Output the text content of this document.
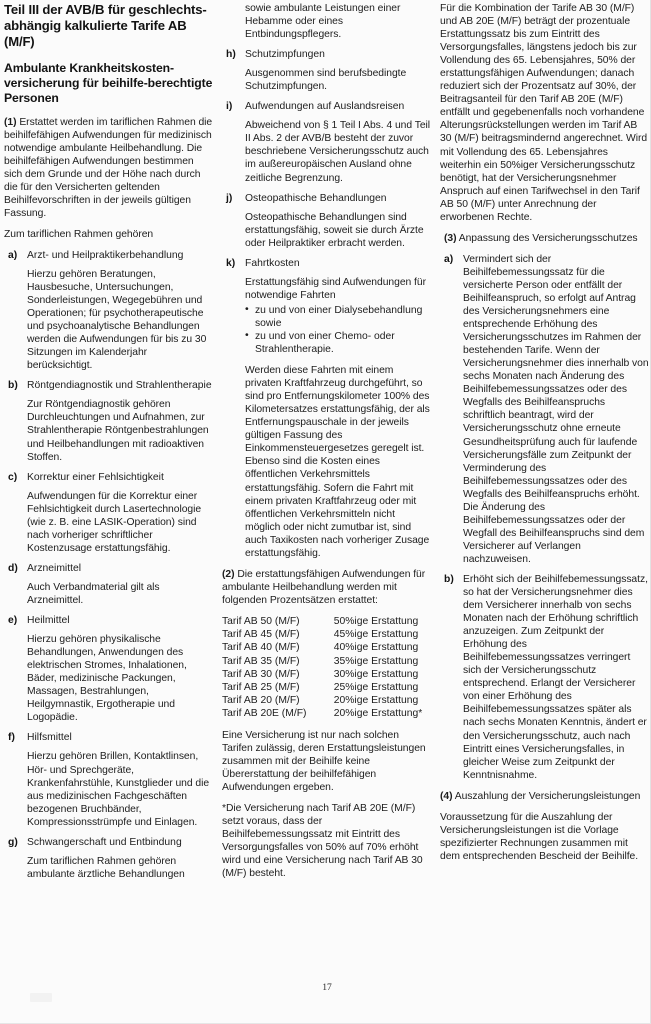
Teil III der AVB/B für geschlechts-abhängig kalkulierte Tarife AB (M/F)
Ambulante Krankheitskosten-versicherung für beihilfe-berechtigte Personen

(1) Erstattet werden im tariflichen Rahmen die beihilfefähigen Aufwendungen für medizinisch notwendige ambulante Heilbehandlung. Die beihilfefähigen Aufwendungen bestimmen sich dem Grunde und der Höhe nach durch die für den Versicherten geltenden Beihilfevorschriften in der jeweils gültigen Fassung.

Zum tariflichen Rahmen gehören

a) Arzt- und Heilpraktikerbehandlung

Hierzu gehören Beratungen, Hausbesuche, Untersuchungen, Sonderleistungen, Wegegebühren und Operationen; für psychotherapeutische und psychoanalytische Behandlungen werden die Aufwendungen für bis zu 30 Sitzungen im Kalenderjahr berücksichtigt.

b) Röntgendiagnostik und Strahlentherapie

Zur Röntgendiagnostik gehören Durchleuchtungen und Aufnahmen, zur Strahlentherapie Röntgenbestrahlungen und Heilbehandlungen mit radioaktiven Stoffen.

c) Korrektur einer Fehlsichtigkeit

Aufwendungen für die Korrektur einer Fehlsichtigkeit durch Lasertechnologie (wie z. B. eine LASIK-Operation) sind nach vorheriger schriftlicher Kostenzusage erstattungsfähig.

d) Arzneimittel

Auch Verbandmaterial gilt als Arzneimittel.

e) Heilmittel

Hierzu gehören physikalische Behandlungen, Anwendungen des elektrischen Stromes, Inhalationen, Bäder, medizinische Packungen, Massagen, Bestrahlungen, Heilgymnastik, Ergotherapie und Logopädie.

f) Hilfsmittel

Hierzu gehören Brillen, Kontaktlinsen, Hör- und Sprechgeräte, Krankenfahrstühle, Kunstglieder und die aus medizinischen Fachgeschäften bezogenen Bruchbänder, Kompressionsstrümpfe und Einlagen.

g) Schwangerschaft und Entbindung

Zum tariflichen Rahmen gehören ambulante ärztliche Behandlungen

sowie ambulante Leistungen einer Hebamme oder eines Entbindungspflegers.

h) Schutzimpfungen

Ausgenommen sind berufsbedingte Schutzimpfungen.

i) Aufwendungen auf Auslandsreisen

Abweichend von § 1 Teil I Abs. 4 und Teil II Abs. 2 der AVB/B besteht der zuvor beschriebene Versicherungsschutz auch im außereuropäischen Ausland ohne zeitliche Begrenzung.

j) Osteopathische Behandlungen

Osteopathische Behandlungen sind erstattungsfähig, soweit sie durch Ärzte oder Heilpraktiker erbracht werden.

k) Fahrtkosten

Erstattungsfähig sind Aufwendungen für notwendige Fahrten

• zu und von einer Dialysebehandlung sowie
• zu und von einer Chemo- oder Strahlentherapie.

Werden diese Fahrten mit einem privaten Kraftfahrzeug durchgeführt, so sind pro Entfernungskilometer 100% des Kilometersatzes erstattungsfähig, der als Entfernungspauschale in der jeweils gültigen Fassung des Einkommensteuergesetzes geregelt ist. Ebenso sind die Kosten eines öffentlichen Verkehrsmittels erstattungsfähig. Sofern die Fahrt mit einem privaten Kraftfahrzeug oder mit öffentlichen Verkehrsmitteln nicht möglich oder nicht zumutbar ist, sind auch Taxikosten nach vorheriger Zusage erstattungsfähig.

(2) Die erstattungsfähigen Aufwendungen für ambulante Heilbehandlung werden mit folgenden Prozentsätzen erstattet:

Tarif AB 50 (M/F)	50%ige Erstattung
Tarif AB 45 (M/F)	45%ige Erstattung
Tarif AB 40 (M/F)	40%ige Erstattung
Tarif AB 35 (M/F)	35%ige Erstattung
Tarif AB 30 (M/F)	30%ige Erstattung
Tarif AB 25 (M/F)	25%ige Erstattung
Tarif AB 20 (M/F)	20%ige Erstattung
Tarif AB 20E (M/F)	20%ige Erstattung*

Eine Versicherung ist nur nach solchen Tarifen zulässig, deren Erstattungsleistungen zusammen mit der Beihilfe keine Übererstattung der beihilfefähigen Aufwendungen ergeben.

*Die Versicherung nach Tarif AB 20E (M/F) setzt voraus, dass der Beihilfebemessungssatz mit Eintritt des Versorgungsfalles von 50% auf 70% erhöht wird und eine Versicherung nach Tarif AB 30 (M/F) besteht.

Für die Kombination der Tarife AB 30 (M/F) und AB 20E (M/F) beträgt der prozentuale Erstattungssatz bis zum Eintritt des Versorgungsfalles, längstens jedoch bis zur Vollendung des 65. Lebensjahres, 50% der erstattungsfähigen Aufwendungen; danach reduziert sich der Prozentsatz auf 30%, der Beitragsanteil für den Tarif AB 20E (M/F) entfällt und gegebenenfalls noch vorhandene Alterungsrückstellungen werden im Tarif AB 30 (M/F) beitragsmindernd angerechnet. Wird mit Vollendung des 65. Lebensjahres weiterhin ein 50%iger Versicherungsschutz benötigt, hat der Versicherungsnehmer Anspruch auf einen Tarifwechsel in den Tarif AB 50 (M/F) unter Anrechnung der erworbenen Rechte.

(3) Anpassung des Versicherungsschutzes

a) Vermindert sich der Beihilfebemessungssatz für die versicherte Person oder entfällt der Beihilfeanspruch, so erfolgt auf Antrag des Versicherungsnehmers eine entsprechende Erhöhung des Versicherungsschutzes im Rahmen der bestehenden Tarife. Wenn der Versicherungsnehmer dies innerhalb von sechs Monaten nach Änderung des Beihilfebemessungssatzes oder des Wegfalls des Beihilfeanspruchs schriftlich beantragt, wird der Versicherungsschutz ohne erneute Gesundheitsprüfung auch für laufende Versicherungsfälle zum Zeitpunkt der Verminderung des Beihilfebemessungssatzes oder des Wegfalls des Beihilfeanspruchs erhöht. Die Änderung des Beihilfebemessungssatzes oder der Wegfall des Beihilfeanspruchs sind dem Versicherer auf Verlangen nachzuweisen.

b) Erhöht sich der Beihilfebemessungssatz, so hat der Versicherungsnehmer dies dem Versicherer innerhalb von sechs Monaten nach der Erhöhung schriftlich anzuzeigen. Zum Zeitpunkt der Erhöhung des Beihilfebemessungssatzes verringert sich der Versicherungsschutz entsprechend. Erlangt der Versicherer von einer Erhöhung des Beihilfebemessungssatzes später als nach sechs Monaten Kenntnis, ändert er den Versicherungsschutz, auch nach Eintritt eines Versicherungsfalles, in gleicher Weise zum Zeitpunkt der Kenntnisnahme.

(4) Auszahlung der Versicherungsleistungen

Voraussetzung für die Auszahlung der Versicherungsleistungen ist die Vorlage spezifizierter Rechnungen zusammen mit dem entsprechenden Bescheid der Beihilfe.

17
